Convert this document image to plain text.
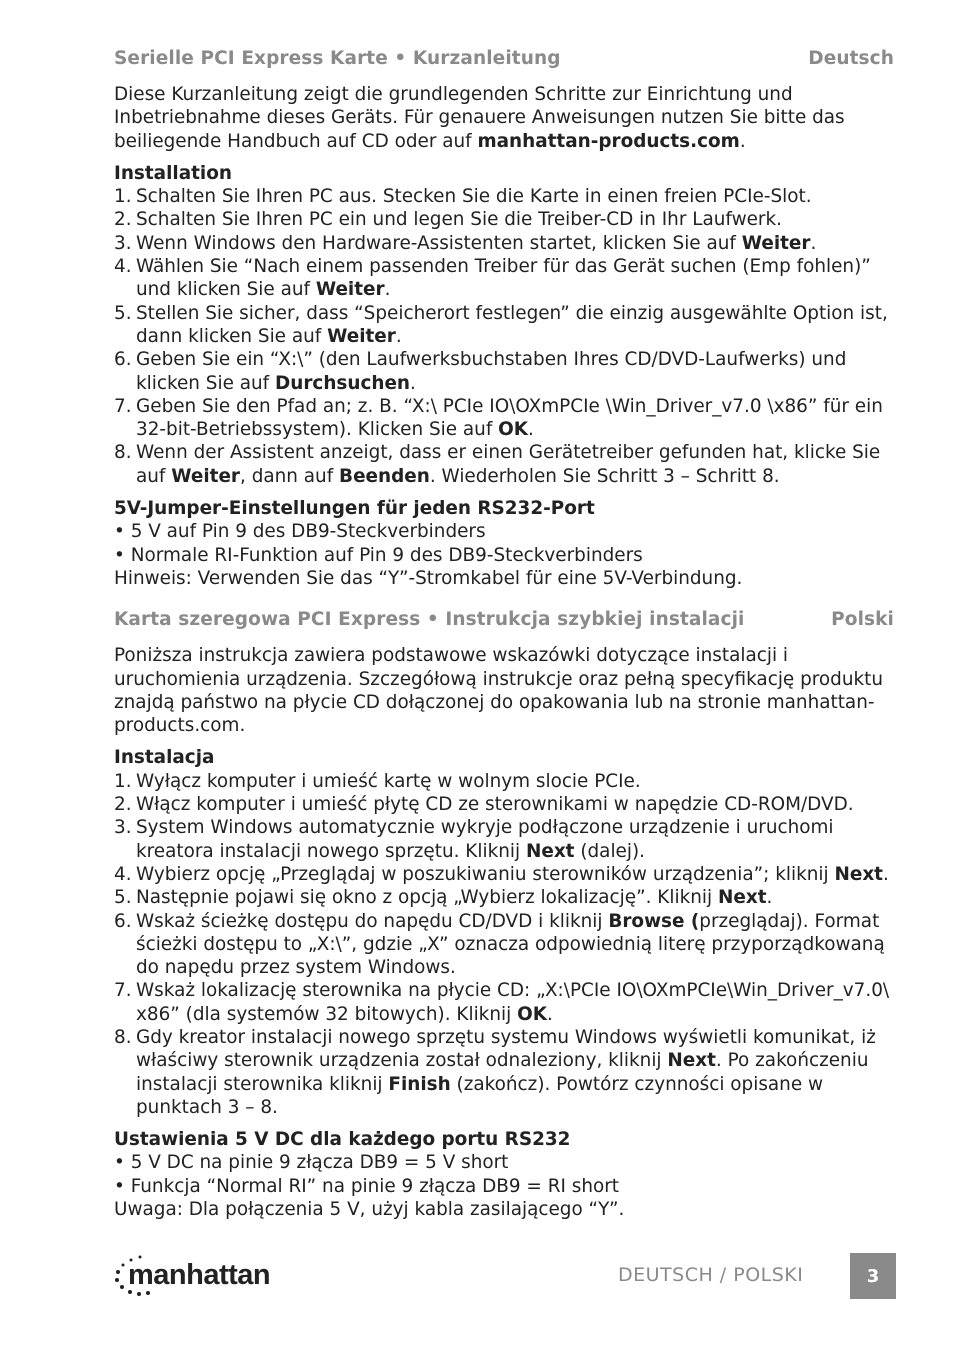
Serielle PCI Express Karte • Kurzanleitung	Deutsch

Diese Kurzanleitung zeigt die grundlegenden Schritte zur Einrichtung und Inbetriebnahme dieses Geräts. Für genauere Anweisungen nutzen Sie bitte das beiliegende Handbuch auf CD oder auf manhattan-products.com.

Installation

1. Schalten Sie Ihren PC aus. Stecken Sie die Karte in einen freien PCIe-Slot.
2. Schalten Sie Ihren PC ein und legen Sie die Treiber-CD in Ihr Laufwerk.
3. Wenn Windows den Hardware-Assistenten startet, klicken Sie auf Weiter.
4. Wählen Sie “Nach einem passenden Treiber für das Gerät suchen (Emp fohlen)” und klicken Sie auf Weiter.
5. Stellen Sie sicher, dass “Speicherort festlegen” die einzig ausgewählte Option ist, dann klicken Sie auf Weiter.
6. Geben Sie ein “X:\” (den Laufwerksbuchstaben Ihres CD/DVD-Laufwerks) und klicken Sie auf Durchsuchen.
7. Geben Sie den Pfad an; z. B. “X:\ PCIe IO\OXmPCIe \Win_Driver_v7.0 \x86” für ein 32-bit-Betriebssystem). Klicken Sie auf OK.
8. Wenn der Assistent anzeigt, dass er einen Gerätetreiber gefunden hat, klicke Sie auf Weiter, dann auf Beenden. Wiederholen Sie Schritt 3 – Schritt 8.

5V-Jumper-Einstellungen für jeden RS232-Port

• 5 V auf Pin 9 des DB9-Steckverbinders
• Normale RI-Funktion auf Pin 9 des DB9-Steckverbinders
Hinweis: Verwenden Sie das “Y”-Stromkabel für eine 5V-Verbindung.
Karta szeregowa PCI Express • Instrukcja szybkiej instalacji	Polski

Poniższa instrukcja zawiera podstawowe wskazówki dotyczące instalacji i uruchomienia urządzenia. Szczegółową instrukcje oraz pełną specyfikację produktu znajdą państwo na płycie CD dołączonej do opakowania lub na stronie manhattan-products.com.

Instalacja

1. Wyłącz komputer i umieść kartę w wolnym slocie PCIe.
2. Włącz komputer i umieść płytę CD ze sterownikami w napędzie CD-ROM/DVD.
3. System Windows automatycznie wykryje podłączone urządzenie i uruchomi kreatora instalacji nowego sprzętu. Kliknij Next (dalej).
4. Wybierz opcję „Przeglądaj w poszukiwaniu sterowników urządzenia”; kliknij Next.
5. Następnie pojawi się okno z opcją „Wybierz lokalizację”. Kliknij Next.
6. Wskaż ścieżkę dostępu do napędu CD/DVD i kliknij Browse (przeglądaj). Format ścieżki dostępu to „X:\”, gdzie „X” oznacza odpowiednią literę przyporządkowaną do napędu przez system Windows.
7. Wskaż lokalizację sterownika na płycie CD: „X:\PCIe IO\OXmPCIe\Win_Driver_v7.0\ x86” (dla systemów 32 bitowych). Kliknij OK.
8. Gdy kreator instalacji nowego sprzętu systemu Windows wyświetli komunikat, iż właściwy sterownik urządzenia został odnaleziony, kliknij Next. Po zakończeniu instalacji sterownika kliknij Finish (zakończ). Powtórz czynności opisane w punktach 3 – 8.

Ustawienia 5 V DC dla każdego portu RS232

• 5 V DC na pinie 9 złącza DB9 = 5 V short
• Funkcja “Normal RI” na pinie 9 złącza DB9 = RI short
Uwaga: Dla połączenia 5 V, użyj kabla zasilającego “Y”.
manhattan	DEUTSCH / POLSKI	3
